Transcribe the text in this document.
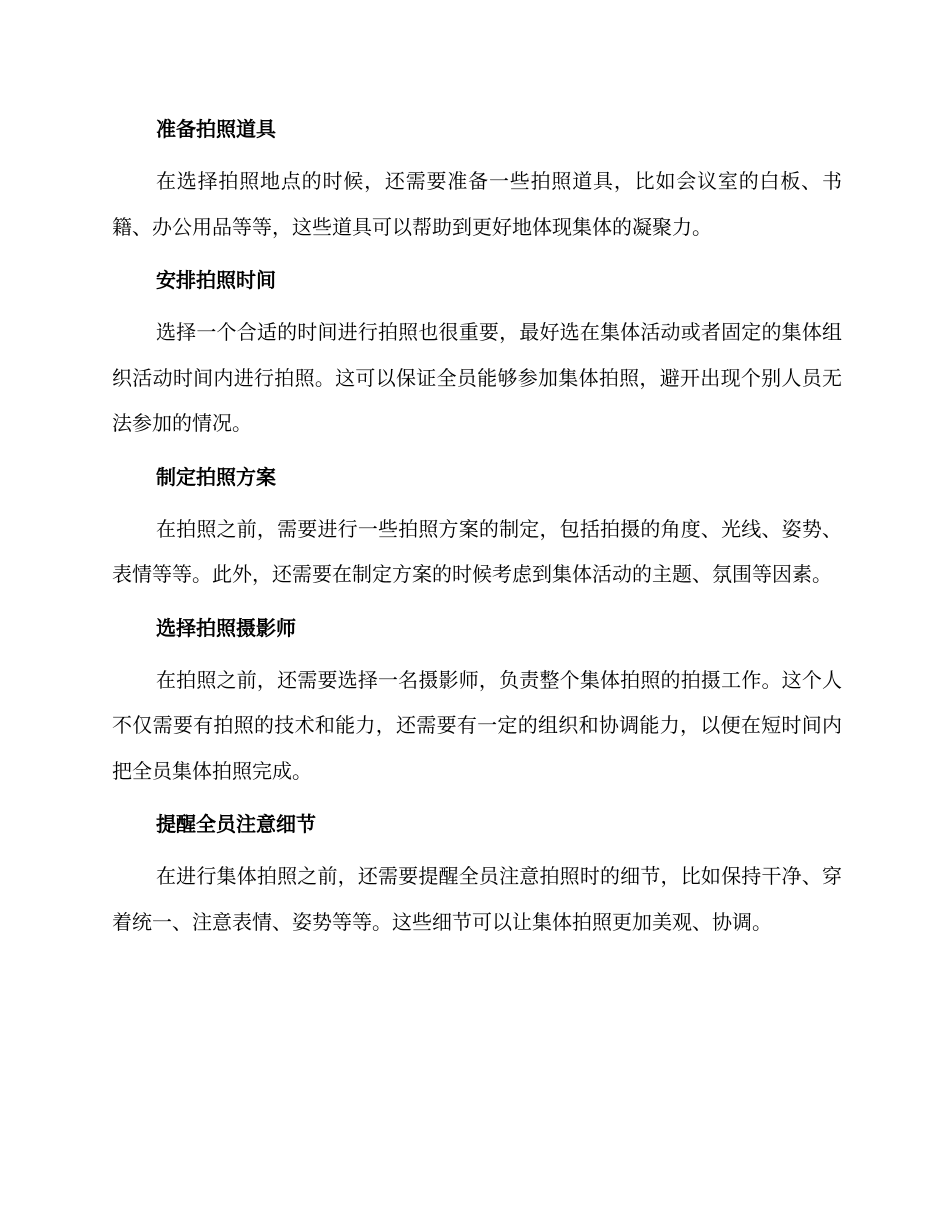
准备拍照道具

在选择拍照地点的时候，还需要准备一些拍照道具，比如会议室的白板、书籍、办公用品等等，这些道具可以帮助到更好地体现集体的凝聚力。

安排拍照时间

选择一个合适的时间进行拍照也很重要，最好选在集体活动或者固定的集体组织活动时间内进行拍照。这可以保证全员能够参加集体拍照，避开出现个别人员无法参加的情况。

制定拍照方案

在拍照之前，需要进行一些拍照方案的制定，包括拍摄的角度、光线、姿势、表情等等。此外，还需要在制定方案的时候考虑到集体活动的主题、氛围等因素。

选择拍照摄影师

在拍照之前，还需要选择一名摄影师，负责整个集体拍照的拍摄工作。这个人不仅需要有拍照的技术和能力，还需要有一定的组织和协调能力，以便在短时间内把全员集体拍照完成。

提醒全员注意细节

在进行集体拍照之前，还需要提醒全员注意拍照时的细节，比如保持干净、穿着统一、注意表情、姿势等等。这些细节可以让集体拍照更加美观、协调。
